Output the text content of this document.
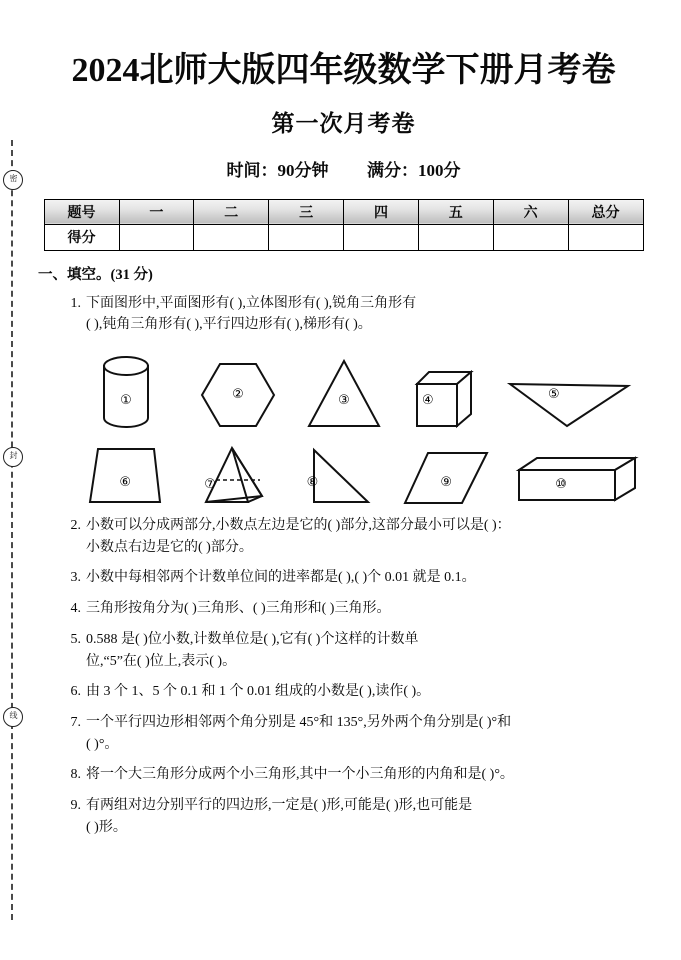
密
封
线
2024北师大版四年级数学下册月考卷
第一次月考卷

时间：90分钟 满分：100分

题号	一	二	三	四	五	六	总分
得分							
一、填空。(31 分)
1. 下面图形中,平面图形有( ),立体图形有( ),锐角三角形有
( ),钝角三角形有( ),平行四边形有( ),梯形有( )。
①	②	③	④	⑤
⑥	⑦	⑧	⑨	⑩
2. 小数可以分成两部分,小数点左边是它的( )部分,这部分最小可以是( )：
小数点右边是它的( )部分。
3. 小数中每相邻两个计数单位间的进率都是( ),( )个 0.01 就是 0.1。
4. 三角形按角分为( )三角形、( )三角形和( )三角形。
5. 0.588 是( )位小数,计数单位是( ),它有( )个这样的计数单
位,“5”在( )位上,表示( )。
6. 由 3 个 1、5 个 0.1 和 1 个 0.01 组成的小数是( ),读作( )。
7. 一个平行四边形相邻两个角分别是 45°和 135°,另外两个角分别是( )°和
( )°。
8. 将一个大三角形分成两个小三角形,其中一个小三角形的内角和是( )°。
9. 有两组对边分别平行的四边形,一定是( )形,可能是( )形,也可能是
( )形。
